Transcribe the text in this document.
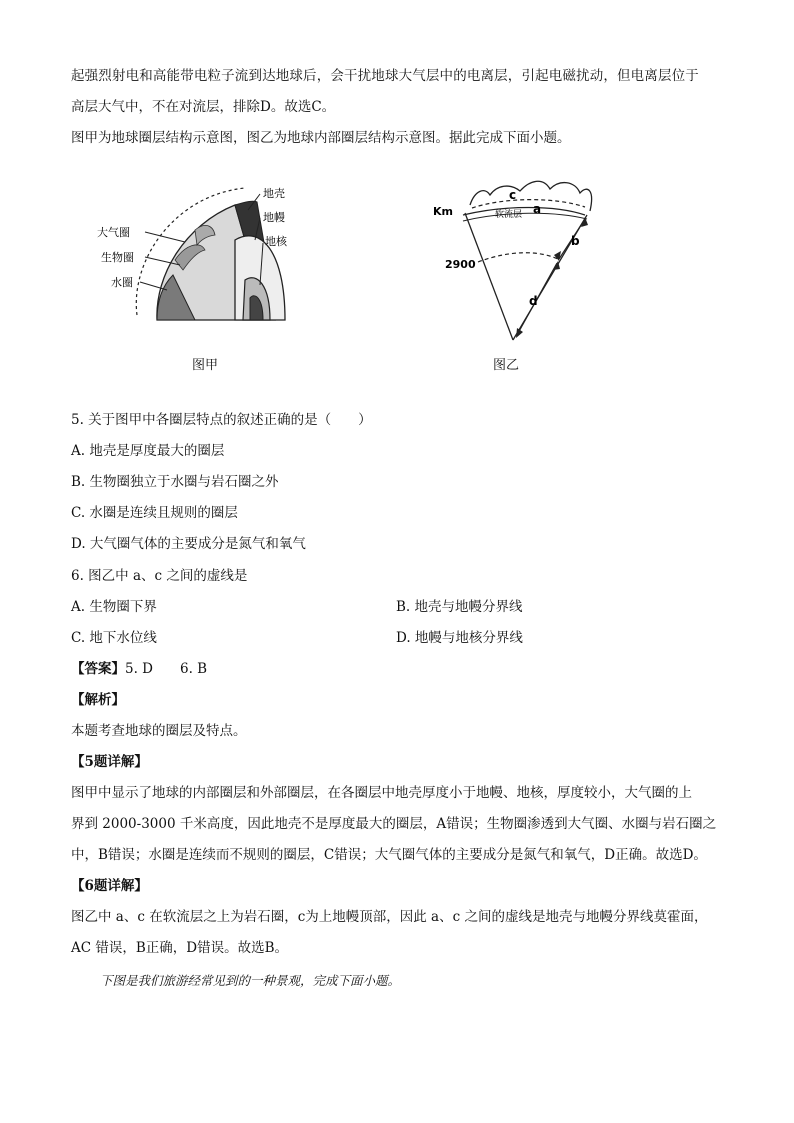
起强烈射电和高能带电粒子流到达地球后，会干扰地球大气层中的电离层，引起电磁扰动，但电离层位于
高层大气中，不在对流层，排除D。故选C。
图甲为地球圈层结构示意图，图乙为地球内部圈层结构示意图。据此完成下面小题。
地壳
地幔
地核
大气圈
生物圈
水圈
图甲
Km
c
a
软流层
b
2900
d
图乙
5. 关于图甲中各圈层特点的叙述正确的是（　　）
A. 地壳是厚度最大的圈层
B. 生物圈独立于水圈与岩石圈之外
C. 水圈是连续且规则的圈层
D. 大气圈气体的主要成分是氮气和氧气
6. 图乙中 a、c 之间的虚线是
A. 生物圈下界	B. 地壳与地幔分界线
C. 地下水位线	D. 地幔与地核分界线
【答案】5. D　　6. B
【解析】
本题考查地球的圈层及特点。
【5题详解】
图甲中显示了地球的内部圈层和外部圈层，在各圈层中地壳厚度小于地幔、地核，厚度较小，大气圈的上
界到 2000-3000 千米高度，因此地壳不是厚度最大的圈层，A错误；生物圈渗透到大气圈、水圈与岩石圈之
中，B错误；水圈是连续而不规则的圈层，C错误；大气圈气体的主要成分是氮气和氧气，D正确。故选D。
【6题详解】
图乙中 a、c 在软流层之上为岩石圈，c为上地幔顶部，因此 a、c 之间的虚线是地壳与地幔分界线莫霍面，
AC 错误，B正确，D错误。故选B。
下图是我们旅游经常见到的一种景观，完成下面小题。
